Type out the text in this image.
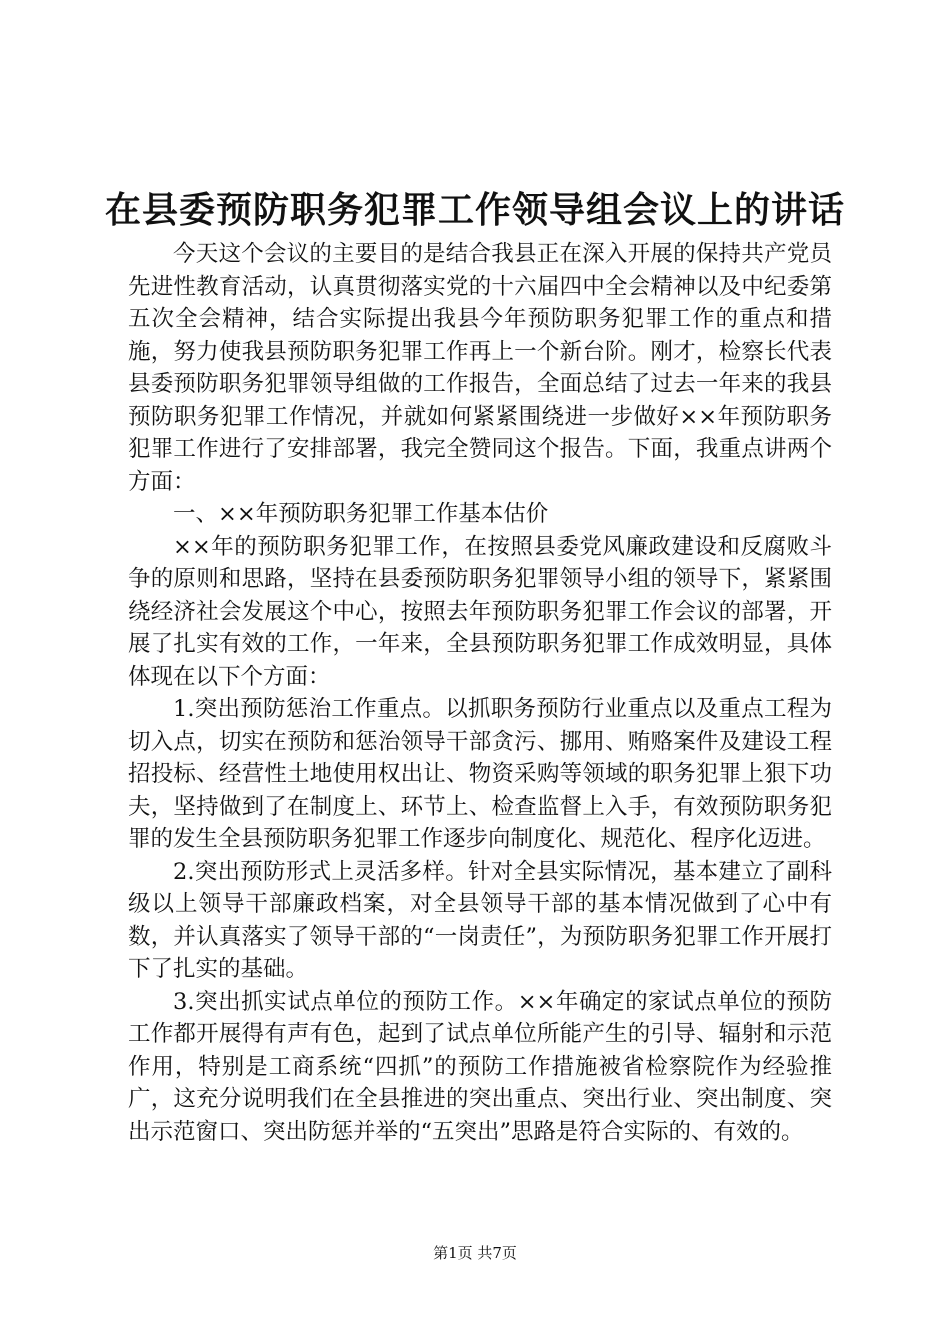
在县委预防职务犯罪工作领导组会议上的讲话

今天这个会议的主要目的是结合我县正在深入开展的保持共产党员先进性教育活动，认真贯彻落实党的十六届四中全会精神以及中纪委第五次全会精神，结合实际提出我县今年预防职务犯罪工作的重点和措施，努力使我县预防职务犯罪工作再上一个新台阶。刚才，检察长代表县委预防职务犯罪领导组做的工作报告，全面总结了过去一年来的我县预防职务犯罪工作情况，并就如何紧紧围绕进一步做好××年预防职务犯罪工作进行了安排部署，我完全赞同这个报告。下面，我重点讲两个方面：

一、××年预防职务犯罪工作基本估价

××年的预防职务犯罪工作，在按照县委党风廉政建设和反腐败斗争的原则和思路，坚持在县委预防职务犯罪领导小组的领导下，紧紧围绕经济社会发展这个中心，按照去年预防职务犯罪工作会议的部署，开展了扎实有效的工作，一年来，全县预防职务犯罪工作成效明显，具体体现在以下个方面：

1.突出预防惩治工作重点。以抓职务预防行业重点以及重点工程为切入点，切实在预防和惩治领导干部贪污、挪用、贿赂案件及建设工程招投标、经营性土地使用权出让、物资采购等领域的职务犯罪上狠下功夫，坚持做到了在制度上、环节上、检查监督上入手，有效预防职务犯罪的发生全县预防职务犯罪工作逐步向制度化、规范化、程序化迈进。

2.突出预防形式上灵活多样。针对全县实际情况，基本建立了副科级以上领导干部廉政档案，对全县领导干部的基本情况做到了心中有数，并认真落实了领导干部的“一岗责任”，为预防职务犯罪工作开展打下了扎实的基础。

3.突出抓实试点单位的预防工作。××年确定的家试点单位的预防工作都开展得有声有色，起到了试点单位所能产生的引导、辐射和示范作用，特别是工商系统“四抓”的预防工作措施被省检察院作为经验推广，这充分说明我们在全县推进的突出重点、突出行业、突出制度、突出示范窗口、突出防惩并举的“五突出”思路是符合实际的、有效的。

第1页 共7页
